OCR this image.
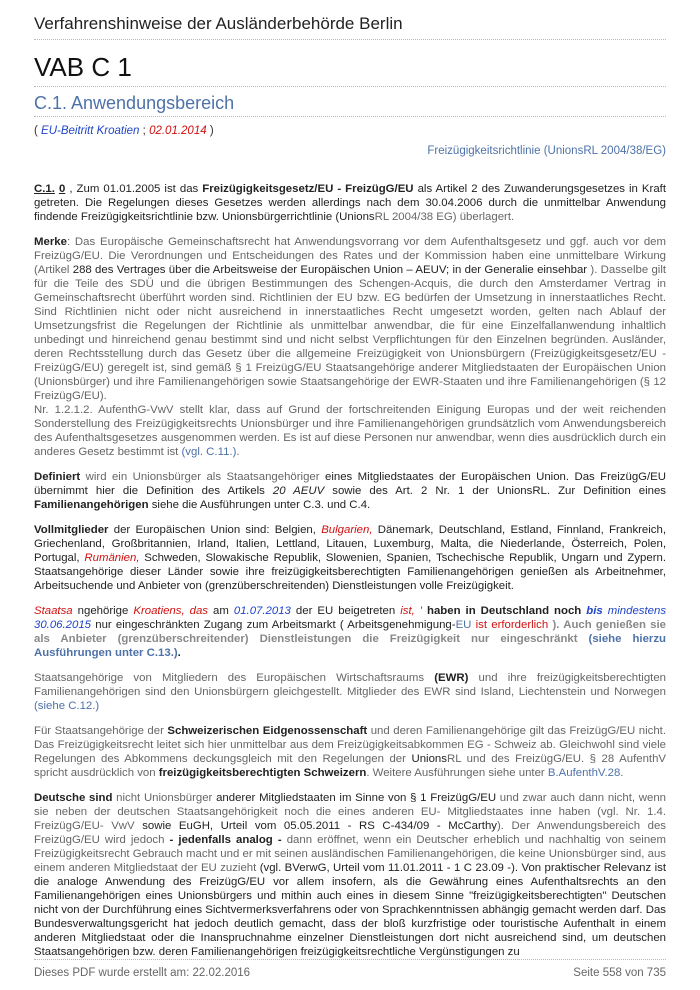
Verfahrenshinweise der Ausländerbehörde Berlin
VAB C 1
C.1. Anwendungsbereich
( EU-Beitritt Kroatien ; 02.01.2014 )
Freizügigkeitsrichtlinie (UnionsRL 2004/38/EG)

C.1. 0 , Zum 01.01.2005 ist das Freizügigkeitsgesetz/EU - FreizügG/EU als Artikel 2 des Zuwanderungsgesetzes in Kraft getreten. Die Regelungen dieses Gesetzes werden allerdings nach dem 30.04.2006 durch die unmittelbar Anwendung findende Freizügigkeitsrichtlinie bzw. Unionsbürgerrichtlinie (UnionsRL 2004/38 EG) überlagert.

Merke: Das Europäische Gemeinschaftsrecht hat Anwendungsvorrang vor dem Aufenthaltsgesetz und ggf. auch vor dem FreizügG/EU. Die Verordnungen und Entscheidungen des Rates und der Kommission haben eine unmittelbare Wirkung (Artikel 288 des Vertrages über die Arbeitsweise der Europäischen Union – AEUV; in der Generalie einsehbar ). Dasselbe gilt für die Teile des SDÜ und die übrigen Bestimmungen des Schengen-Acquis, die durch den Amsterdamer Vertrag in Gemeinschaftsrecht überführt worden sind. Richtlinien der EU bzw. EG bedürfen der Umsetzung in innerstaatliches Recht. Sind Richtlinien nicht oder nicht ausreichend in innerstaatliches Recht umgesetzt worden, gelten nach Ablauf der Umsetzungsfrist die Regelungen der Richtlinie als unmittelbar anwendbar, die für eine Einzelfallanwendung inhaltlich unbedingt und hinreichend genau bestimmt sind und nicht selbst Verpflichtungen für den Einzelnen begründen. Ausländer, deren Rechtsstellung durch das Gesetz über die allgemeine Freizügigkeit von Unionsbürgern (Freizügigkeitsgesetz/EU - FreizügG/EU) geregelt ist, sind gemäß § 1 FreizügG/EU Staatsangehörige anderer Mitgliedstaaten der Europäischen Union (Unionsbürger) und ihre Familienangehörigen sowie Staatsangehörige der EWR-Staaten und ihre Familienangehörigen (§ 12 FreizügG/EU).
Nr. 1.2.1.2. AufenthG-VwV stellt klar, dass auf Grund der fortschreitenden Einigung Europas und der weit reichenden Sonderstellung des Freizügigkeitsrechts Unionsbürger und ihre Familienangehörigen grundsätzlich vom Anwendungsbereich des Aufenthaltsgesetzes ausgenommen werden. Es ist auf diese Personen nur anwendbar, wenn dies ausdrücklich durch ein anderes Gesetz bestimmt ist (vgl. C.11.).

Definiert wird ein Unionsbürger als Staatsangehöriger eines Mitgliedstaates der Europäischen Union. Das FreizügG/EU übernimmt hier die Definition des Artikels 20 AEUV sowie des Art. 2 Nr. 1 der UnionsRL. Zur Definition eines Familienangehörigen siehe die Ausführungen unter C.3. und C.4.

Vollmitglieder der Europäischen Union sind: Belgien, Bulgarien, Dänemark, Deutschland, Estland, Finnland, Frankreich, Griechenland, Großbritannien, Irland, Italien, Lettland, Litauen, Luxemburg, Malta, die Niederlande, Österreich, Polen, Portugal, Rumänien, Schweden, Slowakische Republik, Slowenien, Spanien, Tschechische Republik, Ungarn und Zypern. Staatsangehörige dieser Länder sowie ihre freizügigkeitsberechtigten Familienangehörigen genießen als Arbeitnehmer, Arbeitsuchende und Anbieter von (grenzüberschreitenden) Dienstleistungen volle Freizügigkeit.

Staatsa ngehörige Kroatiens, das am 01.07.2013 der EU beigetreten ist, ' haben in Deutschland noch bis mindestens 30.06.2015 nur eingeschränkten Zugang zum Arbeitsmarkt ( Arbeitsgenehmigung-EU ist erforderlich ). Auch genießen sie als Anbieter (grenzüberschreitender) Dienstleistungen die Freizügigkeit nur eingeschränkt (siehe hierzu Ausführungen unter C.13.).

Staatsangehörige von Mitgliedern des Europäischen Wirtschaftsraums (EWR) und ihre freizügigkeitsberechtigten Familienangehörigen sind den Unionsbürgern gleichgestellt. Mitglieder des EWR sind Island, Liechtenstein und Norwegen (siehe C.12.)

Für Staatsangehörige der Schweizerischen Eidgenossenschaft und deren Familienangehörige gilt das FreizügG/EU nicht. Das Freizügigkeitsrecht leitet sich hier unmittelbar aus dem Freizügigkeitsabkommen EG - Schweiz ab. Gleichwohl sind viele Regelungen des Abkommens deckungsgleich mit den Regelungen der UnionsRL und des FreizügG/EU. § 28 AufenthV spricht ausdrücklich von freizügigkeitsberechtigten Schweizern. Weitere Ausführungen siehe unter B.AufenthV.28.

Deutsche sind nicht Unionsbürger anderer Mitgliedstaaten im Sinne von § 1 FreizügG/EU und zwar auch dann nicht, wenn sie neben der deutschen Staatsangehörigkeit noch die eines anderen EU- Mitgliedstaates inne haben (vgl. Nr. 1.4. FreizügG/EU- VwV sowie EuGH, Urteil vom 05.05.2011 - RS C-434/09 - McCarthy). Der Anwendungsbereich des FreizügG/EU wird jedoch - jedenfalls analog - dann eröffnet, wenn ein Deutscher erheblich und nachhaltig von seinem Freizügigkeitsrecht Gebrauch macht und er mit seinen ausländischen Familienangehörigen, die keine Unionsbürger sind, aus einem anderen Mitgliedstaat der EU zuzieht (vgl. BVerwG, Urteil vom 11.01.2011 - 1 C 23.09 -). Von praktischer Relevanz ist die analoge Anwendung des FreizügG/EU vor allem insofern, als die Gewährung eines Aufenthaltsrechts an den Familienangehörigen eines Unionsbürgers und mithin auch eines in diesem Sinne "freizügigkeitsberechtigten" Deutschen nicht von der Durchführung eines Sichtvermerksverfahrens oder von Sprachkenntnissen abhängig gemacht werden darf. Das Bundesverwaltungsgericht hat jedoch deutlich gemacht, dass der bloß kurzfristige oder touristische Aufenthalt in einem anderen Mitgliedstaat oder die Inanspruchnahme einzelner Dienstleistungen dort nicht ausreichend sind, um deutschen Staatsangehörigen bzw. deren Familienangehörigen freizügigkeitsrechtliche Vergünstigungen zu

Dieses PDF wurde erstellt am: 22.02.2016	Seite 558 von 735
